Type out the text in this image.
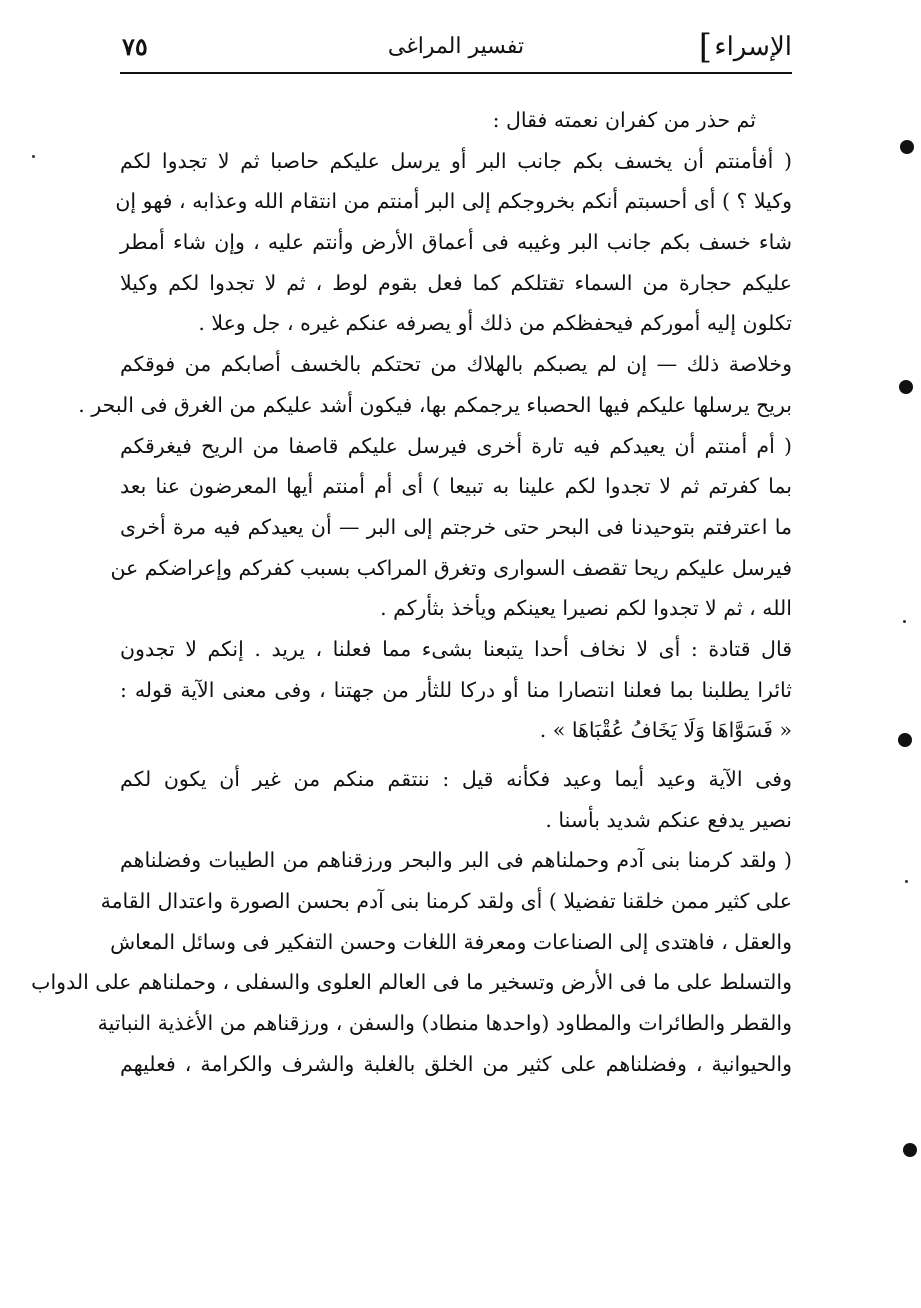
الإسراء
]
تفسير المراغى
٧٥
ثم حذر من كفران نعمته فقال :
( أفأمنتم أن يخسف بكم جانب البر أو يرسل عليكم حاصبا ثم لا تجدوا لكم
وكيلا ؟ ) أى أحسبتم أنكم بخروجكم إلى البر أمنتم من انتقام الله وعذابه ، فهو إن
شاء خسف بكم جانب البر وغيبه فى أعماق الأرض وأنتم عليه ، وإن شاء أمطر
عليكم حجارة من السماء تقتلكم كما فعل بقوم لوط ، ثم لا تجدوا لكم وكيلا
تكلون إليه أموركم فيحفظكم من ذلك أو يصرفه عنكم غيره ، جل وعلا .
وخلاصة ذلك — إن لم يصبكم بالهلاك من تحتكم بالخسف أصابكم من فوقكم
بريح يرسلها عليكم فيها الحصباء يرجمكم بها، فيكون أشد عليكم من الغرق فى البحر .
( أم أمنتم أن يعيدكم فيه تارة أخرى فيرسل عليكم قاصفا من الريح فيغرقكم
بما كفرتم ثم لا تجدوا لكم علينا به تبيعا ) أى أم أمنتم أيها المعرضون عنا بعد
ما اعترفتم بتوحيدنا فى البحر حتى خرجتم إلى البر — أن يعيدكم فيه مرة أخرى
فيرسل عليكم ريحا تقصف السوارى وتغرق المراكب بسبب كفركم وإعراضكم عن
الله ، ثم لا تجدوا لكم نصيرا يعينكم ويأخذ بثأركم .
قال قتادة : أى لا نخاف أحدا يتبعنا بشىء مما فعلنا ، يريد . إنكم لا تجدون
ثائرا يطلبنا بما فعلنا انتصارا منا أو دركا للثأر من جهتنا ، وفى معنى الآية قوله :
« فَسَوَّاهَا وَلَا يَخَافُ عُقْبَاهَا » .
وفى الآية وعيد أيما وعيد فكأنه قيل : ننتقم منكم من غير أن يكون لكم
نصير يدفع عنكم شديد بأسنا .
( ولقد كرمنا بنى آدم وحملناهم فى البر والبحر ورزقناهم من الطيبات وفضلناهم
على كثير ممن خلقنا تفضيلا ) أى ولقد كرمنا بنى آدم بحسن الصورة واعتدال القامة
والعقل ، فاهتدى إلى الصناعات ومعرفة اللغات وحسن التفكير فى وسائل المعاش
والتسلط على ما فى الأرض وتسخير ما فى العالم العلوى والسفلى ، وحملناهم على الدواب
والقطر والطائرات والمطاود (واحدها منطاد) والسفن ، ورزقناهم من الأغذية النباتية
والحيوانية ، وفضلناهم على كثير من الخلق بالغلبة والشرف والكرامة ، فعليهم
